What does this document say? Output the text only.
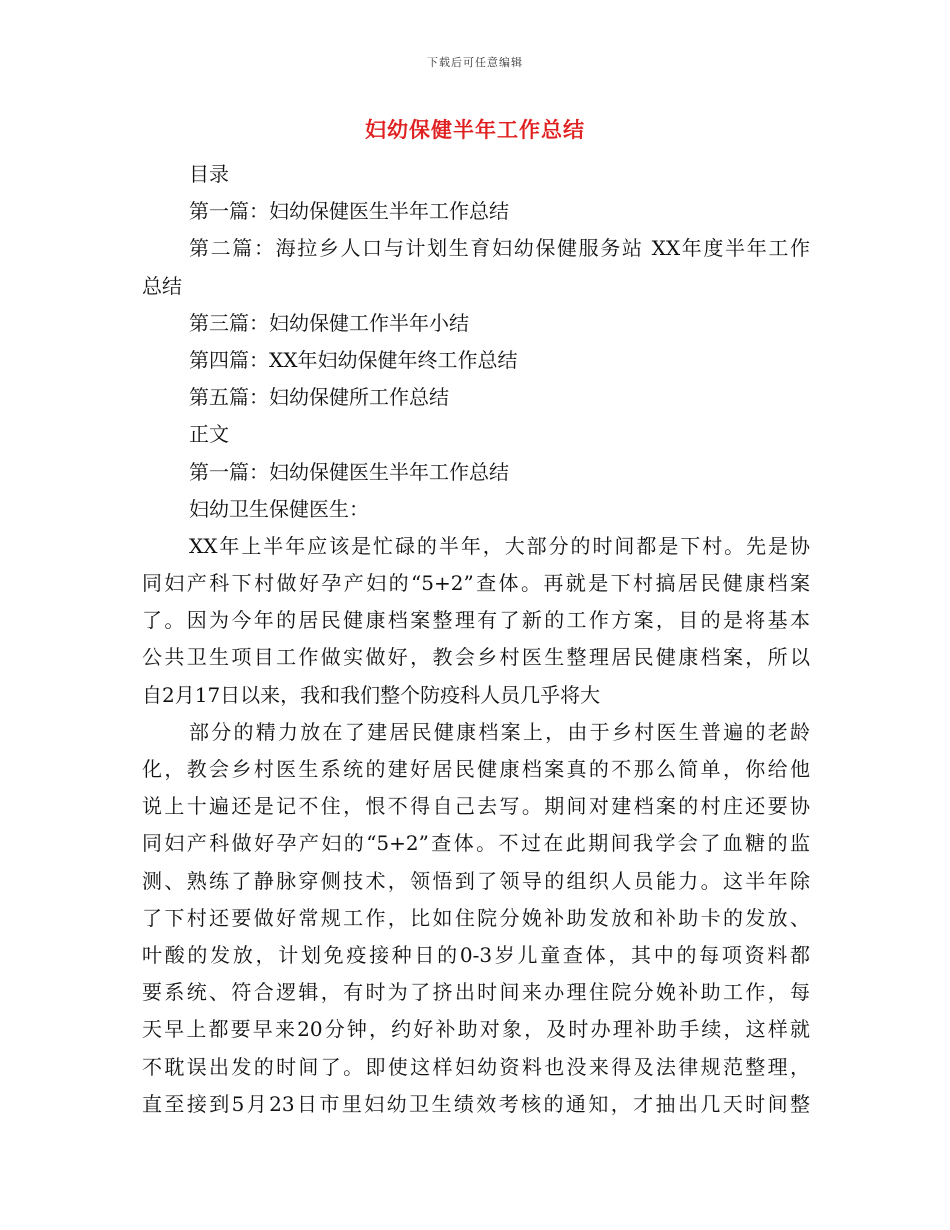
下载后可任意编辑
妇幼保健半年工作总结
目录
第一篇：妇幼保健医生半年工作总结
第二篇：海拉乡人口与计划生育妇幼保健服务站 XX年度半年工作
总结
第三篇：妇幼保健工作半年小结
第四篇：XX年妇幼保健年终工作总结
第五篇：妇幼保健所工作总结
正文
第一篇：妇幼保健医生半年工作总结
妇幼卫生保健医生：
XX年上半年应该是忙碌的半年，大部分的时间都是下村。先是协
同妇产科下村做好孕产妇的“5+2”查体。再就是下村搞居民健康档案
了。因为今年的居民健康档案整理有了新的工作方案，目的是将基本
公共卫生项目工作做实做好，教会乡村医生整理居民健康档案，所以
自2月17日以来，我和我们整个防疫科人员几乎将大
部分的精力放在了建居民健康档案上，由于乡村医生普遍的老龄
化，教会乡村医生系统的建好居民健康档案真的不那么简单，你给他
说上十遍还是记不住，恨不得自己去写。期间对建档案的村庄还要协
同妇产科做好孕产妇的“5+2”查体。不过在此期间我学会了血糖的监
测、熟练了静脉穿侧技术，领悟到了领导的组织人员能力。这半年除
了下村还要做好常规工作，比如住院分娩补助发放和补助卡的发放、
叶酸的发放，计划免疫接种日的0-3岁儿童查体，其中的每项资料都
要系统、符合逻辑，有时为了挤出时间来办理住院分娩补助工作，每
天早上都要早来20分钟，约好补助对象，及时办理补助手续，这样就
不耽误出发的时间了。即使这样妇幼资料也没来得及法律规范整理，
直至接到5月23日市里妇幼卫生绩效考核的通知，才抽出几天时间整
